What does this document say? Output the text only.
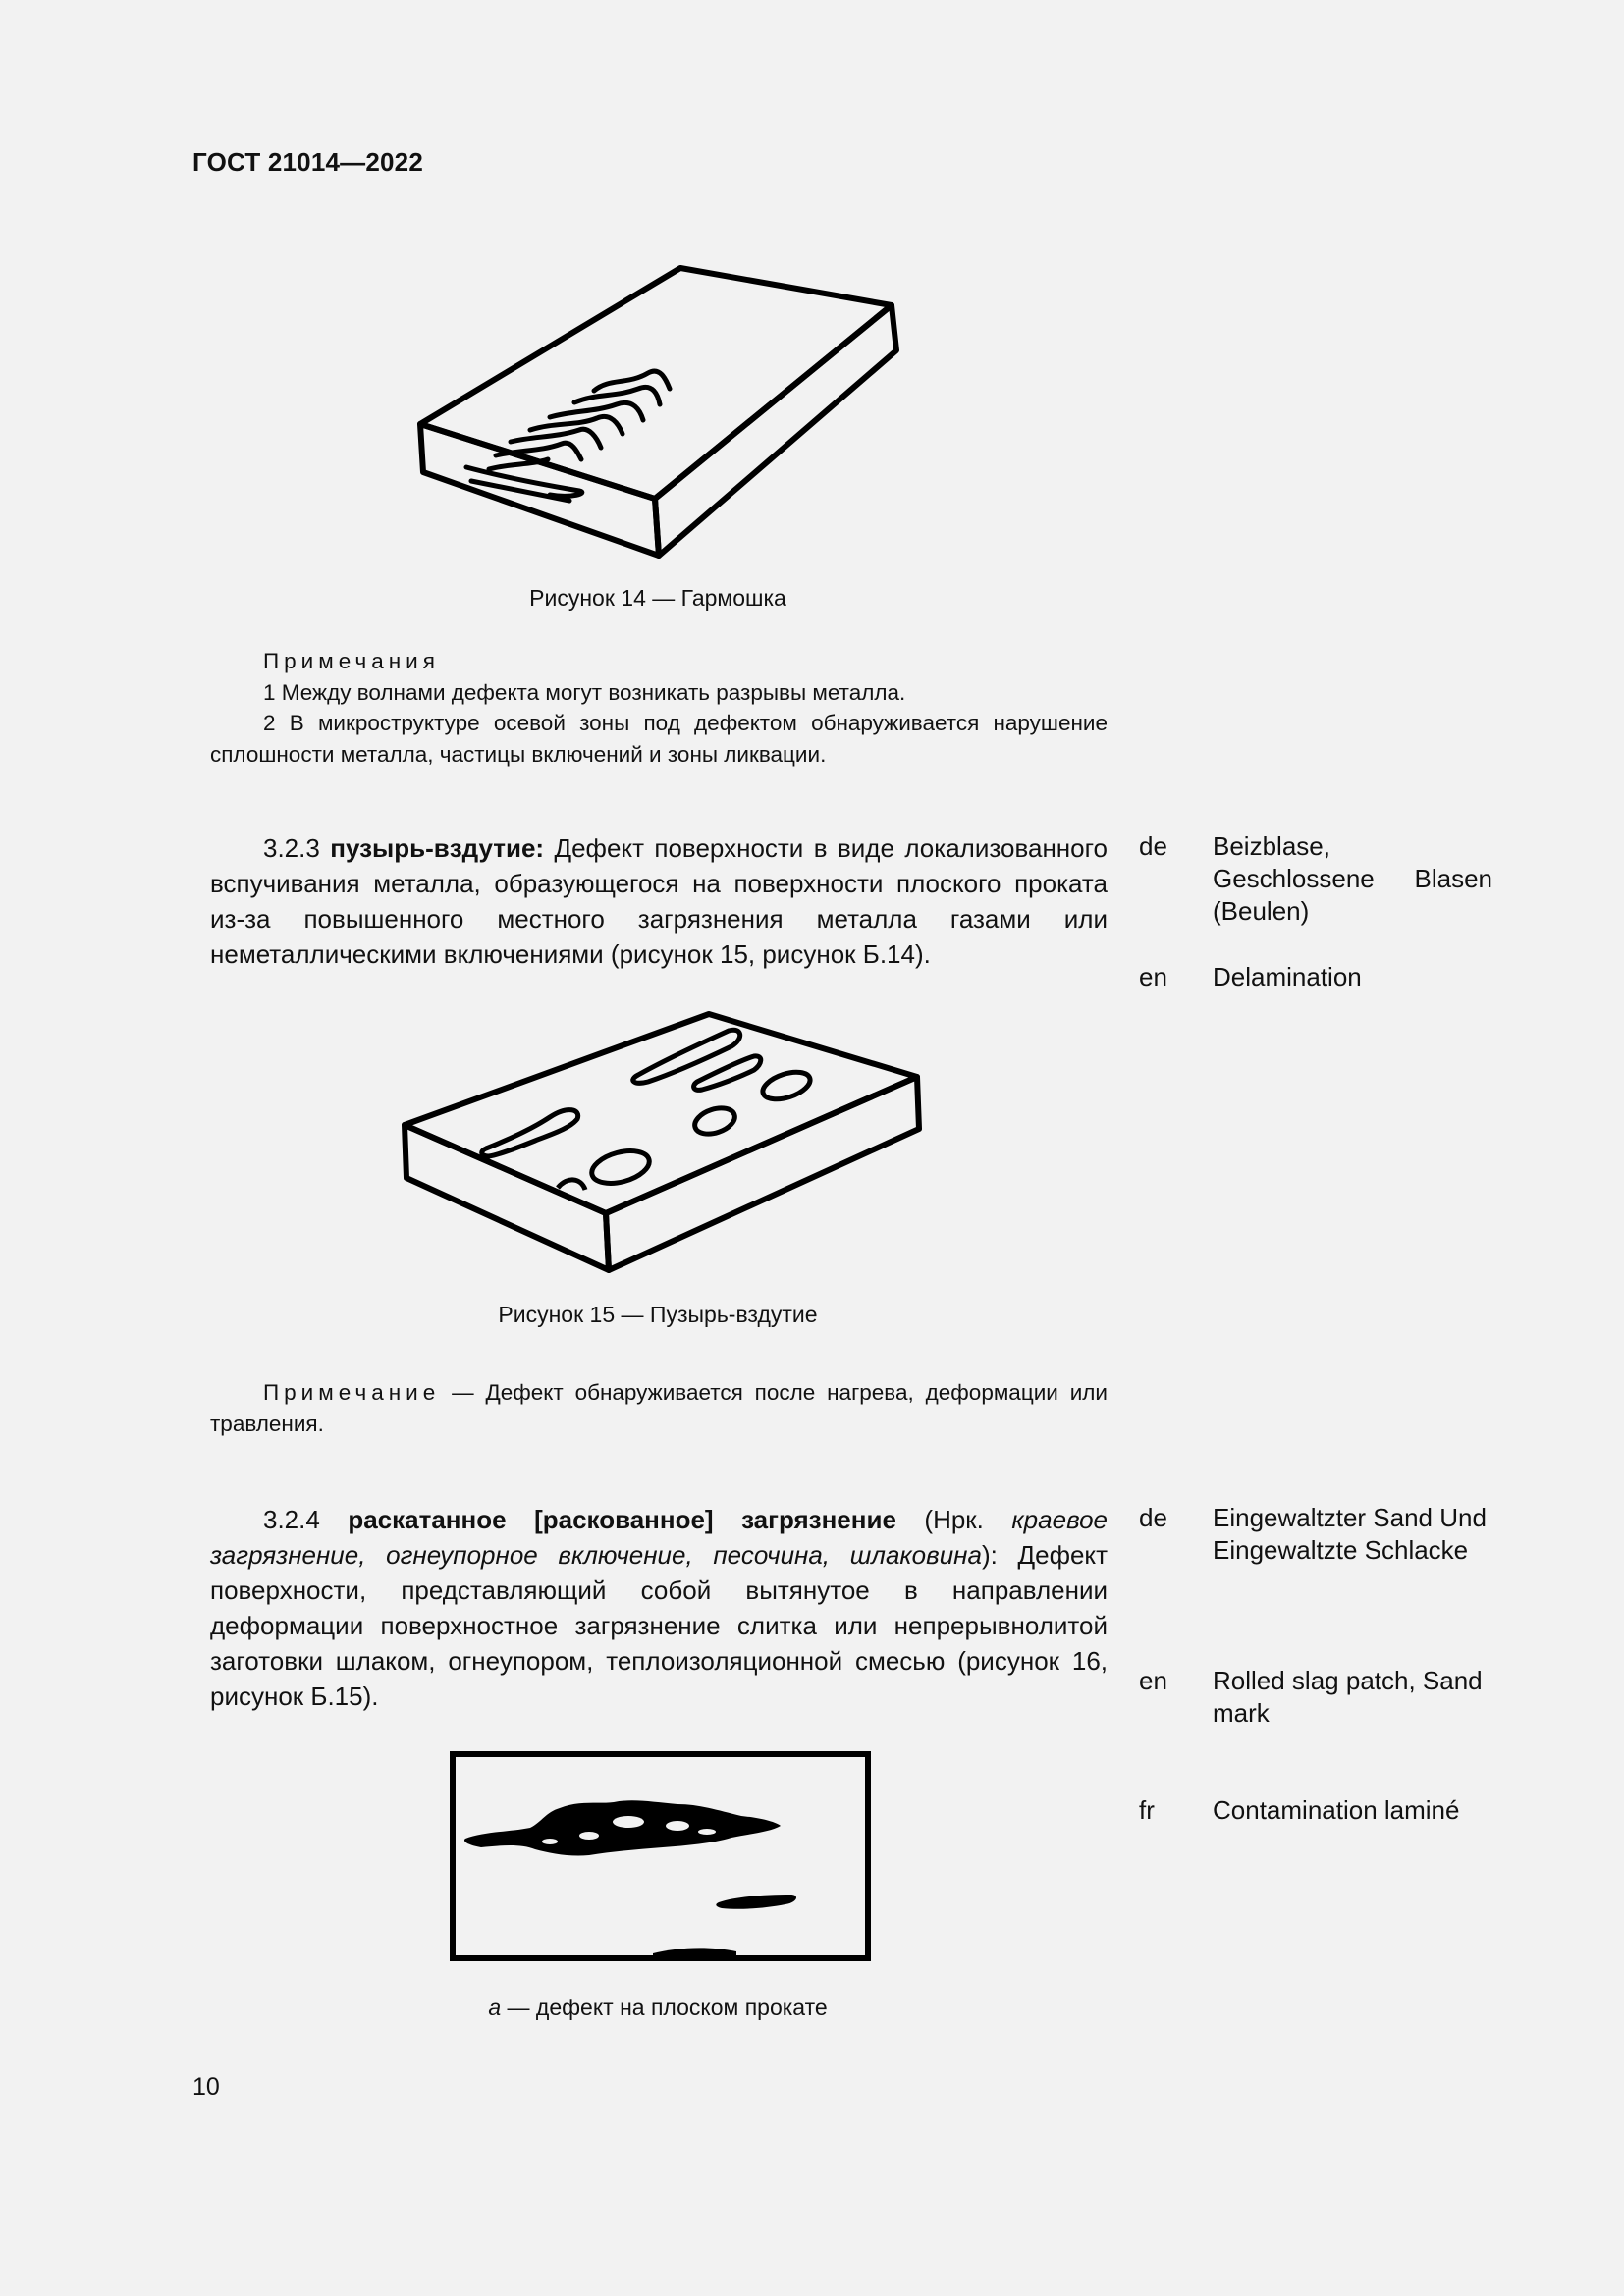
ГОСТ 21014—2022
Рисунок 14 — Гармошка
Примечания
1 Между волнами дефекта могут возникать разрывы металла.
2 В микроструктуре осевой зоны под дефектом обнаруживается нарушение сплошности металла, частицы включений и зоны ликвации.
3.2.3 пузырь-вздутие: Дефект поверхности в виде локализованного вспучивания металла, образующегося на поверхности плоского проката из-за повышенного местного загрязнения металла газами или неметаллическими включениями (рисунок 15, рисунок Б.14).
de	Beizblase, Geschlossene Blasen (Beulen)
en	Delamination
Рисунок 15 — Пузырь-вздутие
Примечание — Дефект обнаруживается после нагрева, деформации или травления.
3.2.4 раскатанное [раскованное] загрязнение (Нрк. краевое загрязнение, огнеупорное включение, песочина, шлаковина): Дефект поверхности, представляющий собой вытянутое в направлении деформации поверхностное загрязнение слитка или непрерывнолитой заготовки шлаком, огнеупором, теплоизоляционной смесью (рисунок 16, рисунок Б.15).
de	Eingewaltzter Sand Und Eingewaltzte Schlacke
en	Rolled slag patch, Sand mark
fr	Contamination laminé
а — дефект на плоском прокате
10
